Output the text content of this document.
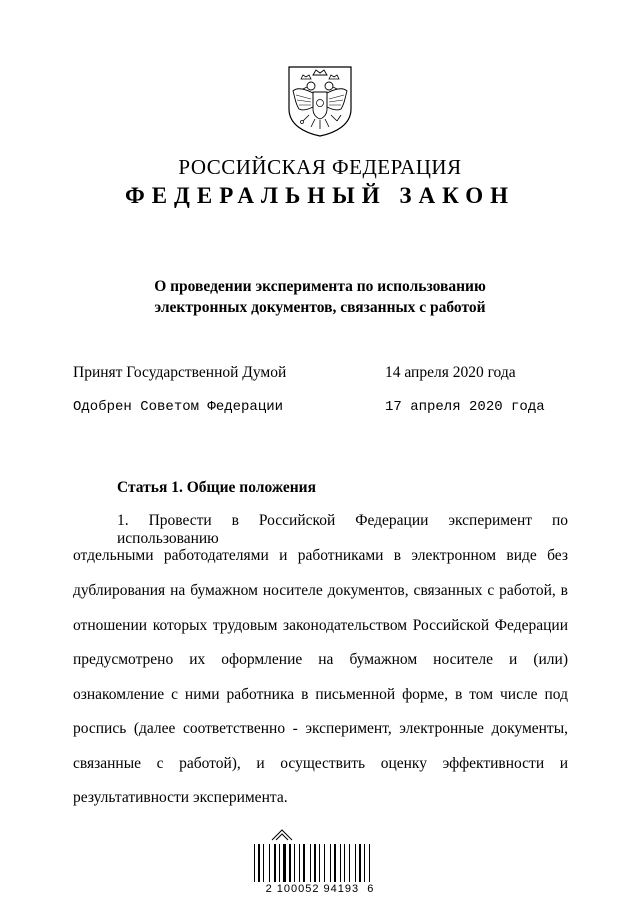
РОССИЙСКАЯ ФЕДЕРАЦИЯ
ФЕДЕРАЛЬНЫЙ ЗАКОН
О проведении эксперимента по использованию
электронных документов, связанных с работой
Принят Государственной Думой	14 апреля 2020 года
Одобрен Советом Федерации	17 апреля 2020 года
Статья 1. Общие положения
1. Провести в Российской Федерации эксперимент по использованию
отдельными работодателями и работниками в электронном виде без
дублирования на бумажном носителе документов, связанных с работой, в
отношении которых трудовым законодательством Российской Федерации
предусмотрено их оформление на бумажном носителе и (или)
ознакомление с ними работника в письменной форме, в том числе под
роспись (далее соответственно - эксперимент, электронные документы,
связанные с работой), и осуществить оценку эффективности и
результативности эксперимента.
2 100052 94193  6
